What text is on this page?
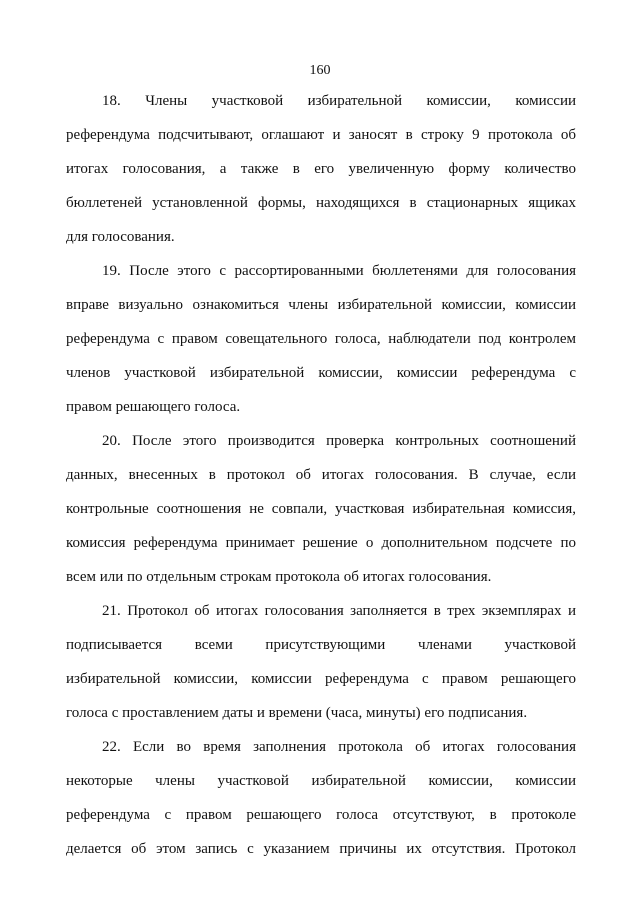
160
18. Члены участковой избирательной комиссии, комиссии
референдума подсчитывают, оглашают и заносят в строку 9 протокола об
итогах голосования, а также в его увеличенную форму количество
бюллетеней установленной формы, находящихся в стационарных ящиках
для голосования.
19. После этого с рассортированными бюллетенями для голосования
вправе визуально ознакомиться члены избирательной комиссии, комиссии
референдума с правом совещательного голоса, наблюдатели под контролем
членов участковой избирательной комиссии, комиссии референдума с
правом решающего голоса.
20. После этого производится проверка контрольных соотношений
данных, внесенных в протокол об итогах голосования. В случае, если
контрольные соотношения не совпали, участковая избирательная комиссия,
комиссия референдума принимает решение о дополнительном подсчете по
всем или по отдельным строкам протокола об итогах голосования.
21. Протокол об итогах голосования заполняется в трех экземплярах и
подписывается всеми присутствующими членами участковой
избирательной комиссии, комиссии референдума с правом решающего
голоса с проставлением даты и времени (часа, минуты) его подписания.
22. Если во время заполнения протокола об итогах голосования
некоторые члены участковой избирательной комиссии, комиссии
референдума с правом решающего голоса отсутствуют, в протоколе
делается об этом запись с указанием причины их отсутствия. Протокол
